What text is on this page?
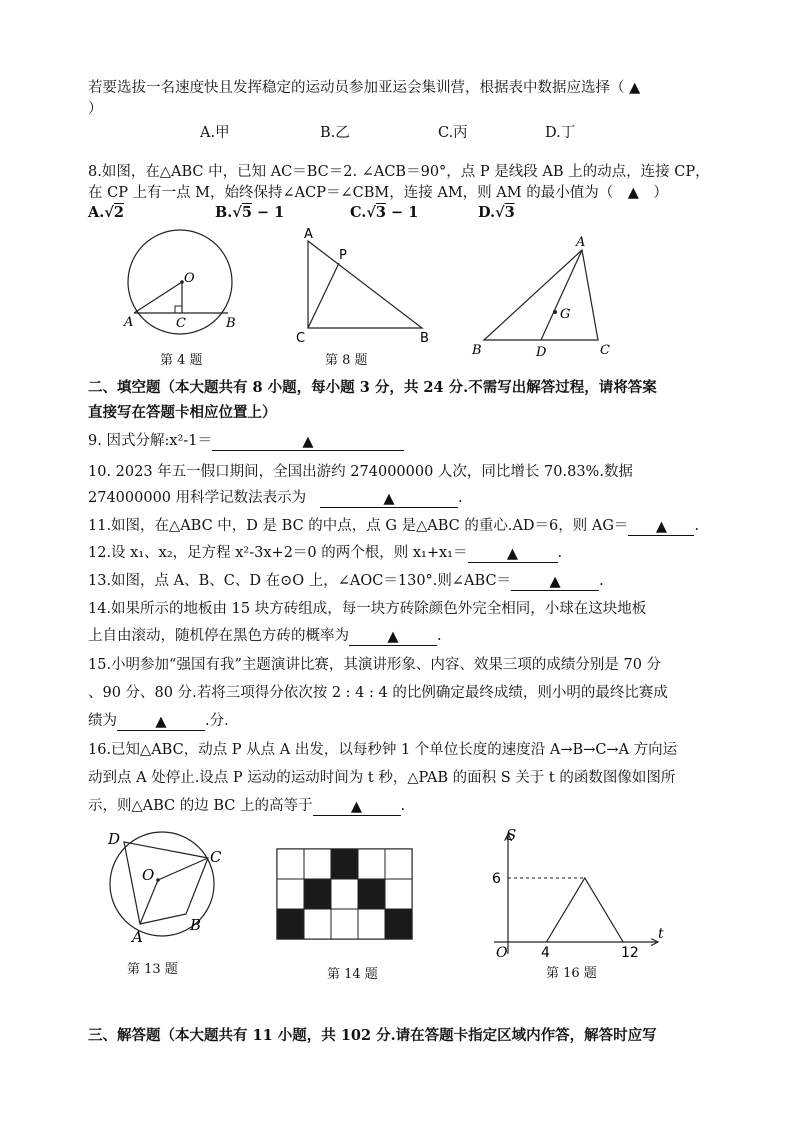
若要选拔一名速度快且发挥稳定的运动员参加亚运会集训营，根据表中数据应选择（ ▲
）
A.甲	B.乙	C.丙	D.丁
8.如图，在△ABC 中，已知 AC＝BC＝2. ∠ACB＝90°，点 P 是线段 AB 上的动点，连接 CP，
在 CP 上有一点 M，始终保持∠ACP＝∠CBM，连接 AM，则 AM 的最小值为（　▲　）
A.√2	B.√5 − 1	C.√3 − 1	D.√3
O
A	C	B
第 4 题
A
P
C	B
第 8 题
A
G
B	D	C
二、填空题（本大题共有 8 小题，每小题 3 分，共 24 分.不需写出解答过程，请将答案
直接写在答题卡相应位置上）
9. 因式分解:x²-1＝	▲
10. 2023 年五一假口期间，全国出游约 274000000 人次，同比增长 70.83%.数据
274000000 用科学记数法表示为	▲	.
11.如图，在△ABC 中，D 是 BC 的中点，点 G 是△ABC 的重心.AD＝6，则 AG＝ ▲ .
12.设 x₁、x₂，足方程 x²-3x+2＝0 的两个根，则 x₁+x₁＝	▲	.
13.如图，点 A、B、C、D 在⊙O 上，∠AOC＝130°.则∠ABC＝	▲	.
14.如果所示的地板由 15 块方砖组成，每一块方砖除颜色外完全相同，小球在这块地板
上自由滚动，随机停在黑色方砖的概率为	▲	.
15.小明参加“强国有我”主题演讲比赛，其演讲形象、内容、效果三项的成绩分别是 70 分
、90 分、80 分.若将三项得分依次按 2 : 4 : 4 的比例确定最终成绩，则小明的最终比赛成
绩为	▲	.分.
16.已知△ABC，动点 P 从点 A 出发，以每秒钟 1 个单位长度的速度沿 A→B→C→A 方向运
动到点 A 处停止.设点 P 运动的运动时间为 t 秒，△PAB 的面积 S 关于 t 的函数图像如图所
示，则△ABC 的边 BC 上的高等于	▲	.
D
C
O
B
A
第 13 题	第 14 题
S
t
O
6
4	12
第 16 题
三、解答题（本大题共有 11 小题，共 102 分.请在答题卡指定区域内作答，解答时应写
